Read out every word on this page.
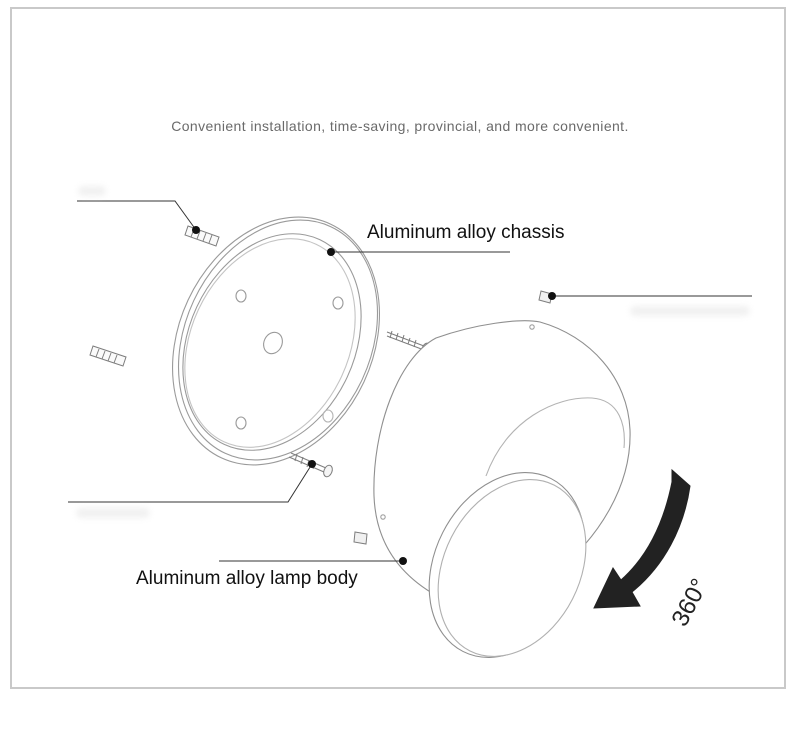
Convenient installation, time-saving, provincial, and more convenient.
360°
Aluminum alloy chassis
Aluminum alloy lamp body
